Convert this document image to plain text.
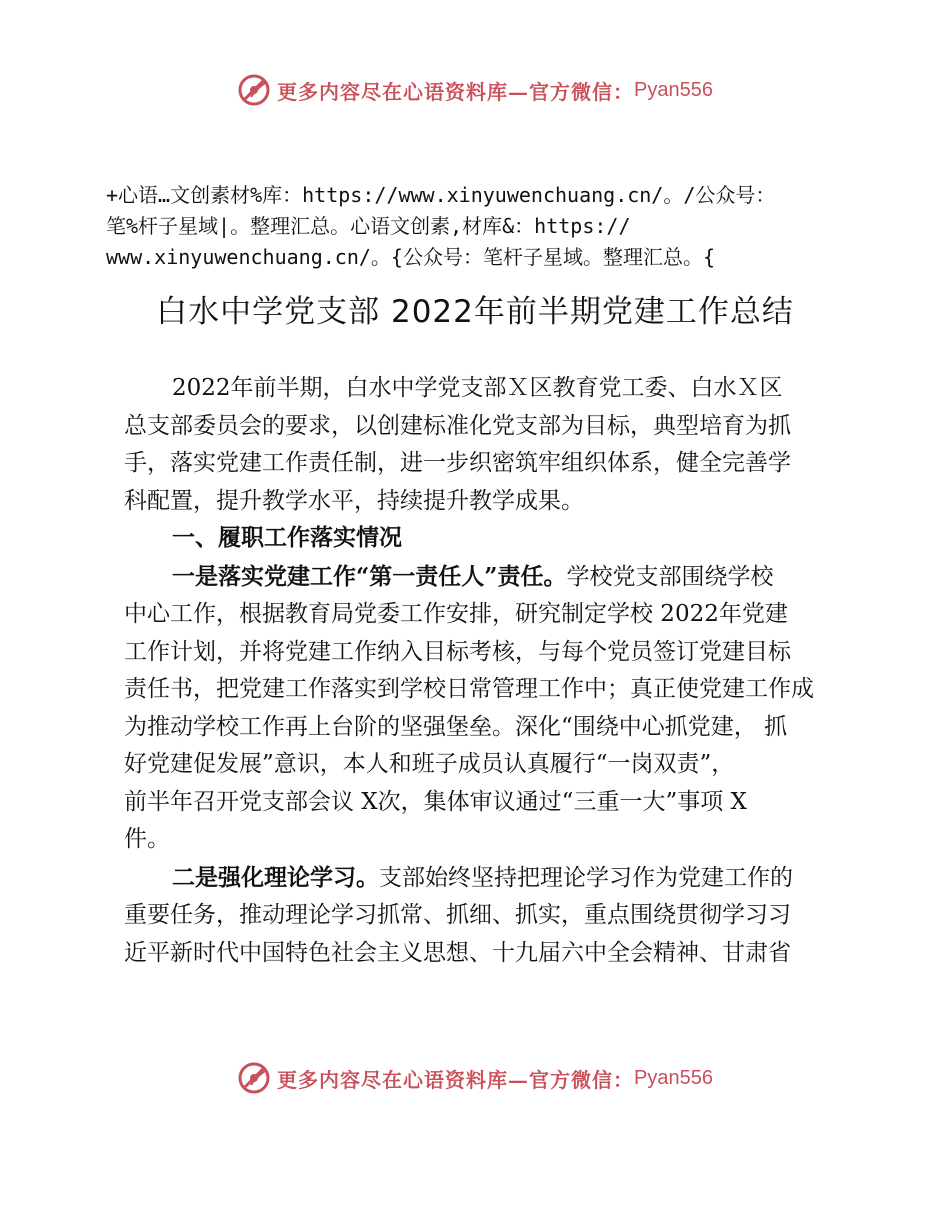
更多内容尽在心语资料库—官方微信： Pyan556
+心语…文创素材%库：https://www.xinyuwenchuang.cn/。/公众号：
笔%杆子星域|。整理汇总。心语文创素,材库&：https://
www.xinyuwenchuang.cn/。{公众号：笔杆子星域。整理汇总。{
白水中学党支部 2022年前半期党建工作总结

2022年前半期，白水中学党支部Ｘ区教育党工委、白水Ｘ区
总支部委员会的要求，以创建标准化党支部为目标，典型培育为抓
手，落实党建工作责任制，进一步织密筑牢组织体系，健全完善学
科配置，提升教学水平，持续提升教学成果。

一、履职工作落实情况

一是落实党建工作“第一责任人”责任。学校党支部围绕学校
中心工作，根据教育局党委工作安排，研究制定学校 2022年党建
工作计划，并将党建工作纳入目标考核，与每个党员签订党建目标
责任书，把党建工作落实到学校日常管理工作中；真正使党建工作成
为推动学校工作再上台阶的坚强堡垒。深化“围绕中心抓党建， 抓
好党建促发展”意识，本人和班子成员认真履行“一岗双责”，
前半年召开党支部会议 X次，集体审议通过“三重一大”事项 X
件。

二是强化理论学习。支部始终坚持把理论学习作为党建工作的
重要任务，推动理论学习抓常、抓细、抓实，重点围绕贯彻学习习
近平新时代中国特色社会主义思想、十九届六中全会精神、甘肃省

更多内容尽在心语资料库—官方微信： Pyan556
